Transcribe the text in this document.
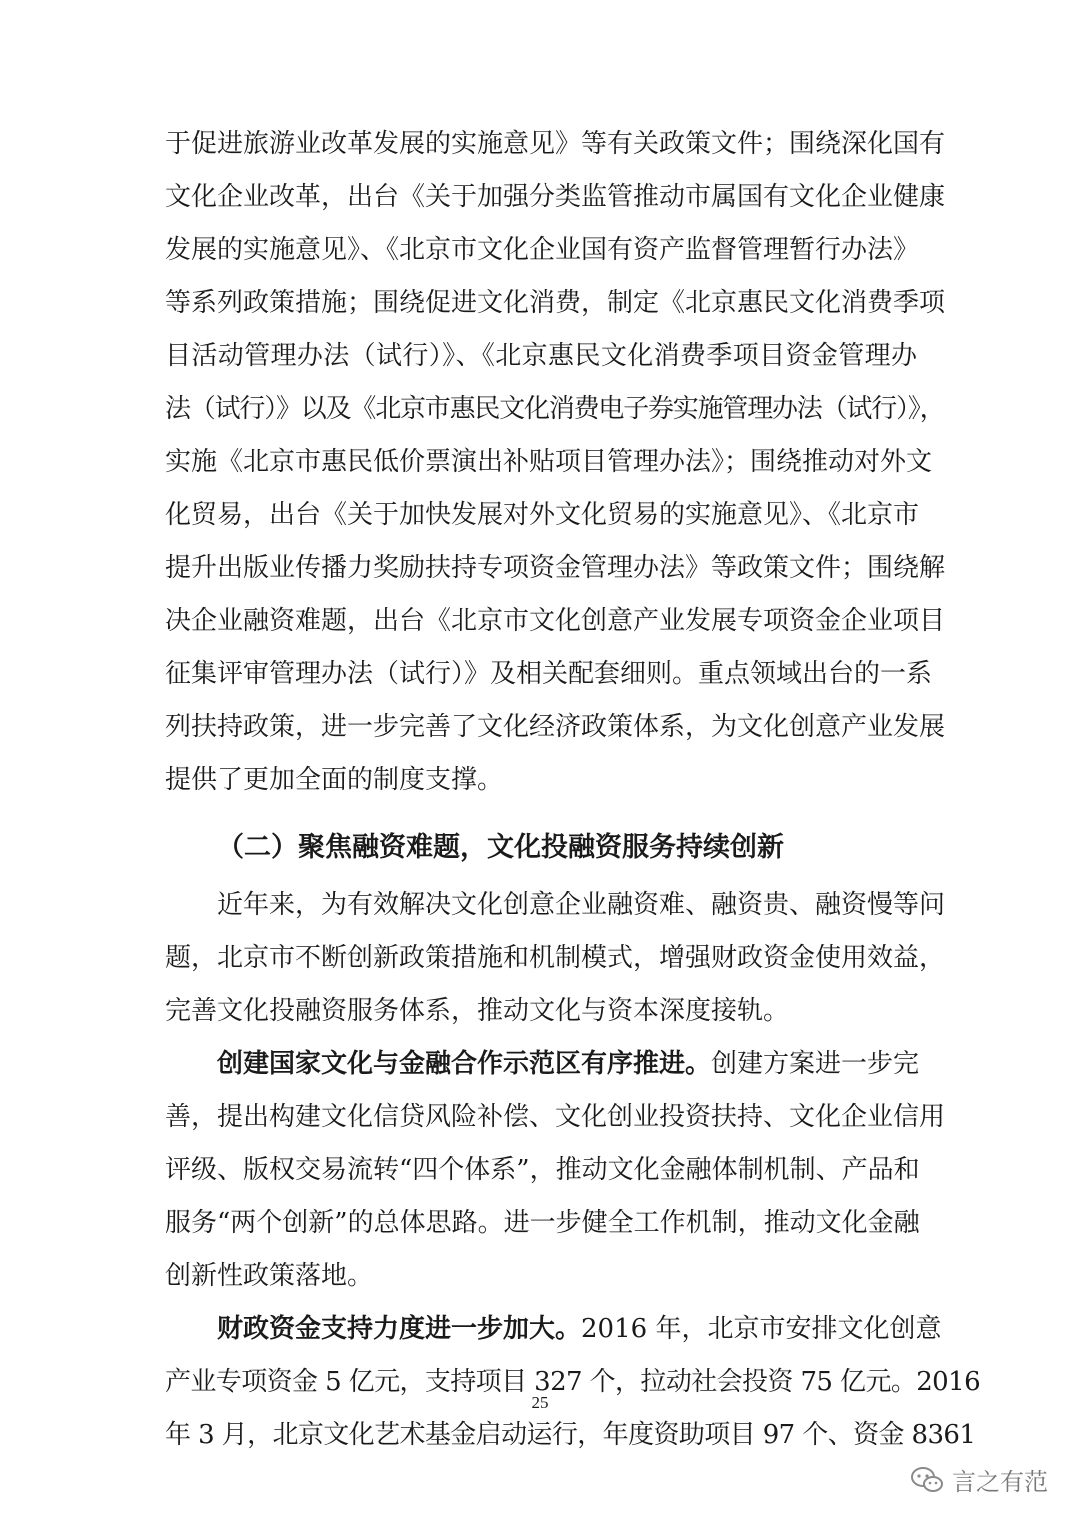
于促进旅游业改革发展的实施意见》等有关政策文件；围绕深化国有
文化企业改革，出台《关于加强分类监管推动市属国有文化企业健康
发展的实施意见》、《北京市文化企业国有资产监督管理暂行办法》
等系列政策措施；围绕促进文化消费，制定《北京惠民文化消费季项
目活动管理办法（试行）》、《北京惠民文化消费季项目资金管理办
法（试行）》以及《北京市惠民文化消费电子券实施管理办法（试行）》，
实施《北京市惠民低价票演出补贴项目管理办法》；围绕推动对外文
化贸易，出台《关于加快发展对外文化贸易的实施意见》、《北京市
提升出版业传播力奖励扶持专项资金管理办法》等政策文件；围绕解
决企业融资难题，出台《北京市文化创意产业发展专项资金企业项目
征集评审管理办法（试行）》及相关配套细则。重点领域出台的一系
列扶持政策，进一步完善了文化经济政策体系，为文化创意产业发展
提供了更加全面的制度支撑。
（二）聚焦融资难题，文化投融资服务持续创新
近年来，为有效解决文化创意企业融资难、融资贵、融资慢等问
题，北京市不断创新政策措施和机制模式，增强财政资金使用效益，
完善文化投融资服务体系，推动文化与资本深度接轨。
创建国家文化与金融合作示范区有序推进。创建方案进一步完
善，提出构建文化信贷风险补偿、文化创业投资扶持、文化企业信用
评级、版权交易流转“四个体系”，推动文化金融体制机制、产品和
服务“两个创新”的总体思路。进一步健全工作机制，推动文化金融
创新性政策落地。
财政资金支持力度进一步加大。2016 年，北京市安排文化创意
产业专项资金 5 亿元，支持项目 327 个，拉动社会投资 75 亿元。2016
年 3 月，北京文化艺术基金启动运行，年度资助项目 97 个、资金 8361
25
言之有范
